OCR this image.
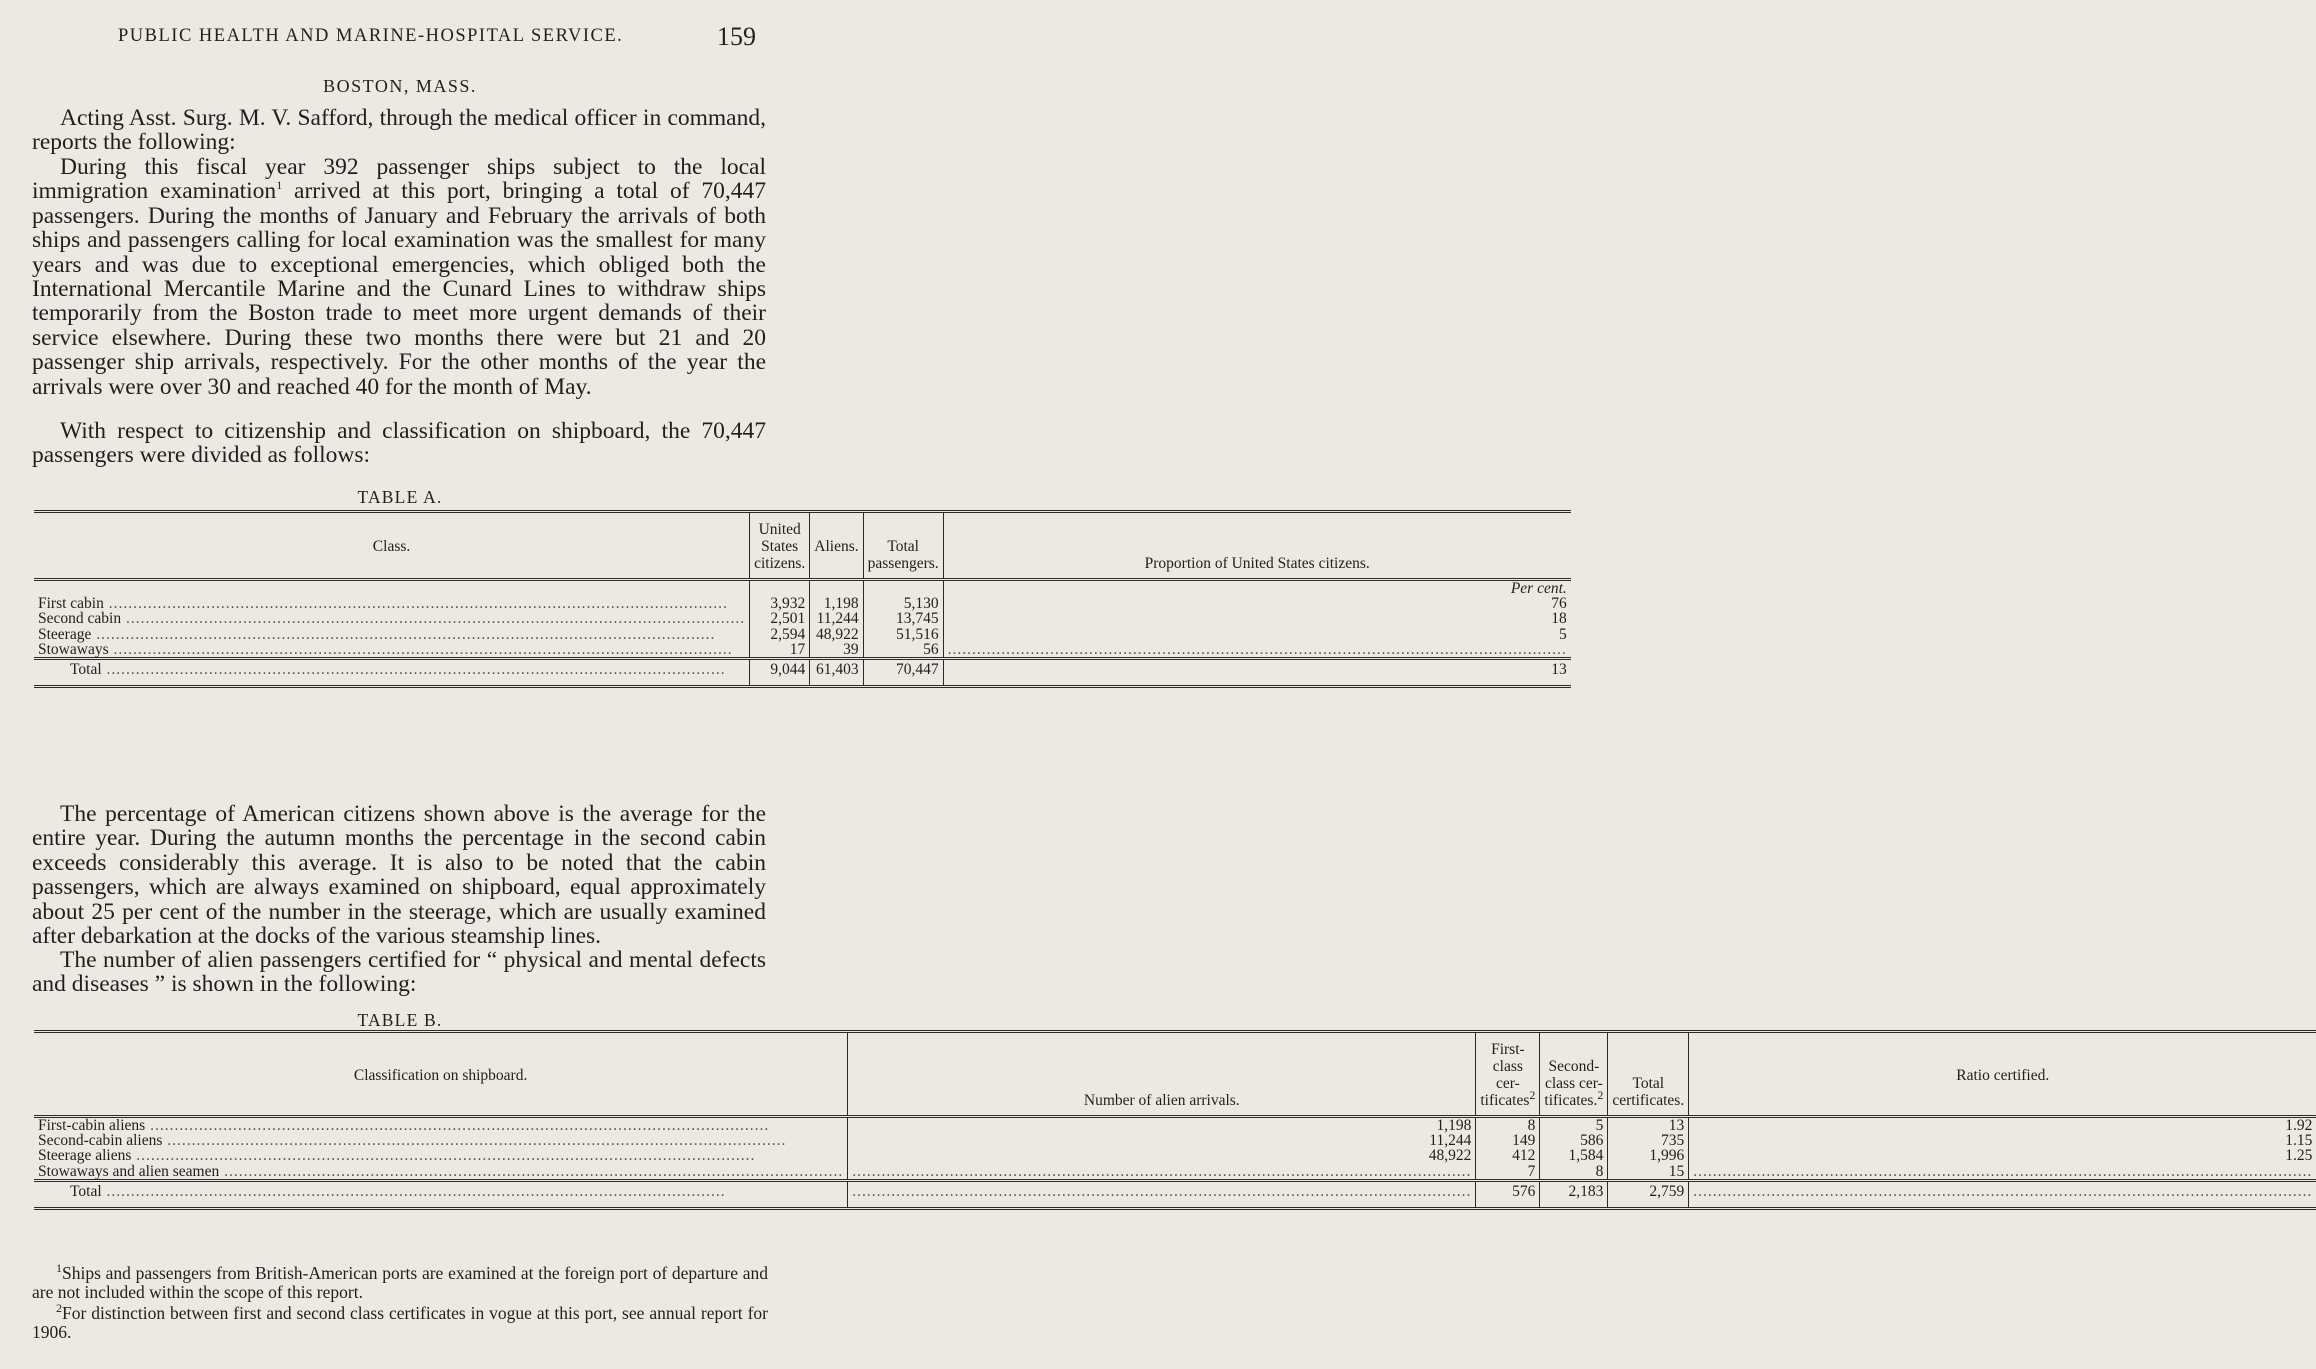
PUBLIC HEALTH AND MARINE-HOSPITAL SERVICE.	159
BOSTON, MASS.

Acting Asst. Surg. M. V. Safford, through the medical officer in command, reports the following:

During this fiscal year 392 passenger ships subject to the local immigration examination$^1$ arrived at this port, bringing a total of 70,447 passengers. During the months of January and February the arrivals of both ships and passengers calling for local examination was the smallest for many years and was due to exceptional emergencies, which obliged both the International Mercantile Marine and the Cunard Lines to withdraw ships temporarily from the Boston trade to meet more urgent demands of their service elsewhere. During these two months there were but 21 and 20 passenger ship arrivals, respectively. For the other months of the year the arrivals were over 30 and reached 40 for the month of May.

With respect to citizenship and classification on shipboard, the 70,447 passengers were divided as follows:

TABLE A.
Class.	United States citizens.	Aliens.	Total passengers.	Proportion of United States citizens.
				Per cent.
First cabin .....	3,932	1,198	5,130	76
Second cabin .....	2,501	11,244	13,745	18
Steerage .....	2,594	48,922	51,516	5
Stowaways .....	17	39	56	.....
Total .....	9,044	61,403	70,447	13

The percentage of American citizens shown above is the average for the entire year. During the autumn months the percentage in the second cabin exceeds considerably this average. It is also to be noted that the cabin passengers, which are always examined on shipboard, equal approximately about 25 per cent of the number in the steerage, which are usually examined after debarkation at the docks of the various steamship lines.

The number of alien passengers certified for “ physical and mental defects and diseases ” is shown in the following:

TABLE B.
Classification on shipboard.	Number of alien arrivals.	First-class cer-tificates$^2$	Second-class cer-tificates.$^2$	Total certificates.	Ratio certified.

First-cabin aliens .....	1,198	8	5	13	1.92
Second-cabin aliens .....	11,244	149	586	735	1.15
Steerage aliens .....	48,922	412	1,584	1,996	1.25
Stowaways and alien seamen .....	.....	7	8	15	.....
Total .....	.....	576	2,183	2,759	.....

$^1$Ships and passengers from British-American ports are examined at the foreign port of departure and are not included within the scope of this report.

$^2$For distinction between first and second class certificates in vogue at this port, see annual report for 1906.
